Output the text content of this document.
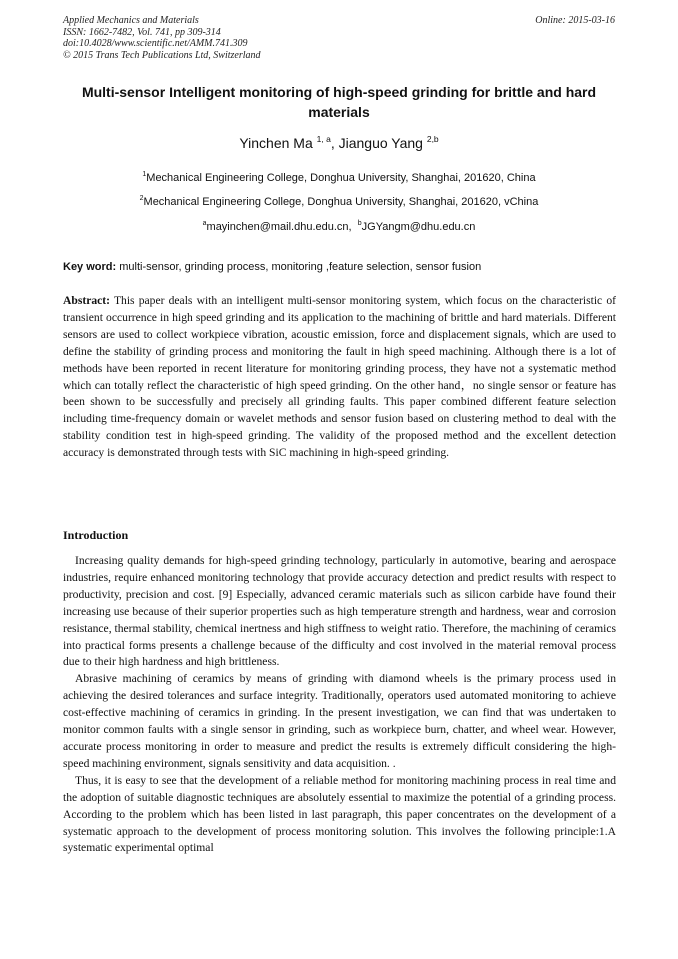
Applied Mechanics and Materials
ISSN: 1662-7482, Vol. 741, pp 309-314
doi:10.4028/www.scientific.net/AMM.741.309
© 2015 Trans Tech Publications Ltd, Switzerland
Online: 2015-03-16
Multi-sensor Intelligent monitoring of high-speed grinding for brittle and hard materials
Yinchen Ma $^{1, a}$, Jianguo Yang $^{2,b}$
$^1$Mechanical Engineering College, Donghua University, Shanghai, 201620, China
$^2$Mechanical Engineering College, Donghua University, Shanghai, 201620, vChina
$^a$mayinchen@mail.dhu.edu.cn, $^b$JGYangm@dhu.edu.cn
Key word: multi-sensor, grinding process, monitoring ,feature selection, sensor fusion

Abstract: This paper deals with an intelligent multi-sensor monitoring system, which focus on the characteristic of transient occurrence in high speed grinding and its application to the machining of brittle and hard materials. Different sensors are used to collect workpiece vibration, acoustic emission, force and displacement signals, which are used to define the stability of grinding process and monitoring the fault in high speed machining. Although there is a lot of methods have been reported in recent literature for monitoring grinding process, they have not a systematic method which can totally reflect the characteristic of high speed grinding. On the other hand，no single sensor or feature has been shown to be successfully and precisely all grinding faults. This paper combined different feature selection including time-frequency domain or wavelet methods and sensor fusion based on clustering method to deal with the stability condition test in high-speed grinding. The validity of the proposed method and the excellent detection accuracy is demonstrated through tests with SiC machining in high-speed grinding.

Introduction

Increasing quality demands for high-speed grinding technology, particularly in automotive, bearing and aerospace industries, require enhanced monitoring technology that provide accuracy detection and predict results with respect to productivity, precision and cost. [9] Especially, advanced ceramic materials such as silicon carbide have found their increasing use because of their superior properties such as high temperature strength and hardness, wear and corrosion resistance, thermal stability, chemical inertness and high stiffness to weight ratio. Therefore, the machining of ceramics into practical forms presents a challenge because of the difficulty and cost involved in the material removal process due to their high hardness and high brittleness.

Abrasive machining of ceramics by means of grinding with diamond wheels is the primary process used in achieving the desired tolerances and surface integrity. Traditionally, operators used automated monitoring to achieve cost-effective machining of ceramics in grinding. In the present investigation, we can find that was undertaken to monitor common faults with a single sensor in grinding, such as workpiece burn, chatter, and wheel wear. However, accurate process monitoring in order to measure and predict the results is extremely difficult considering the high-speed machining environment, signals sensitivity and data acquisition. .

Thus, it is easy to see that the development of a reliable method for monitoring machining process in real time and the adoption of suitable diagnostic techniques are absolutely essential to maximize the potential of a grinding process. According to the problem which has been listed in last paragraph, this paper concentrates on the development of a systematic approach to the development of process monitoring solution. This involves the following principle:1.A systematic experimental optimal
